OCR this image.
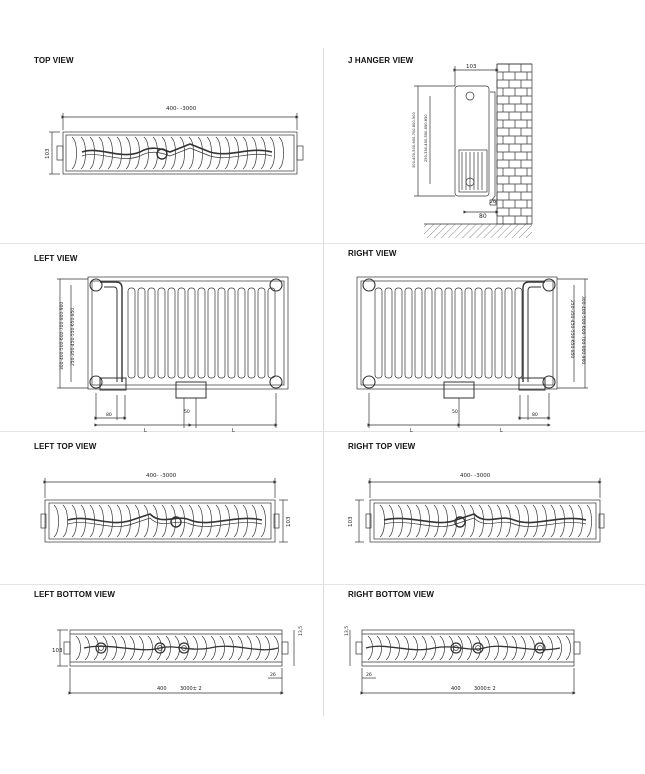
TOP VIEW	J HANGER VIEW
LEFT VIEW
RIGHT VIEW
LEFT TOP VIEW	RIGHT TOP VIEW
LEFT BOTTOM VIEW	RIGHT BOTTOM VIEW
400- -3000
103
103
80
26
300-400-500-600-700-800-900 250-350-450-550-650-850
300-400-500-600-700-800-900 250-350-450-550-650-850
80
50
L	L
300-400-500-600-700-800-900
250-350-450-550-650-850
80
50
L	L
400- -3000
103
400- -3000
103
103
13,5
26
400	3000± 2
13,5
26
400	3000± 2
